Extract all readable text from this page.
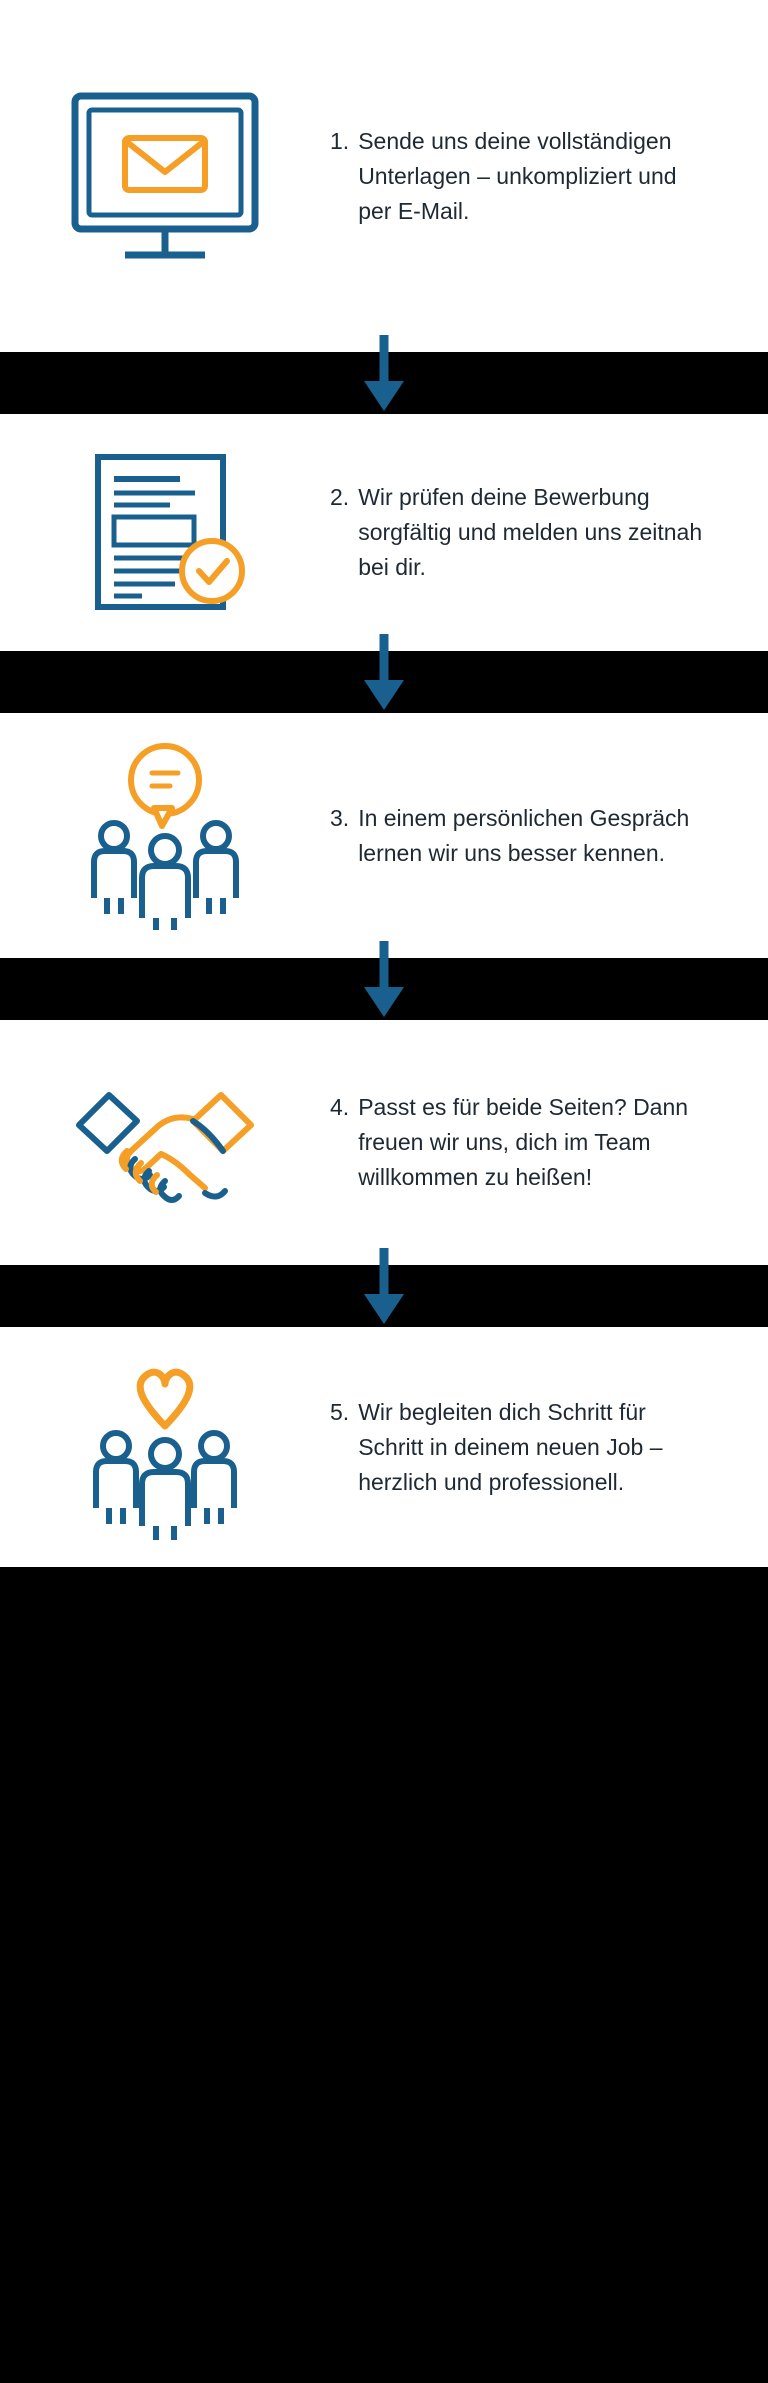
1. Sende uns deine vollständigen Unterlagen – unkompliziert und per E-Mail.
2. Wir prüfen deine Bewerbung sorgfältig und melden uns zeitnah bei dir.
3. In einem persönlichen Gespräch lernen wir uns besser kennen.
4. Passt es für beide Seiten? Dann freuen wir uns, dich im Team willkommen zu heißen!
5. Wir begleiten dich Schritt für Schritt in deinem neuen Job – herzlich und professionell.
